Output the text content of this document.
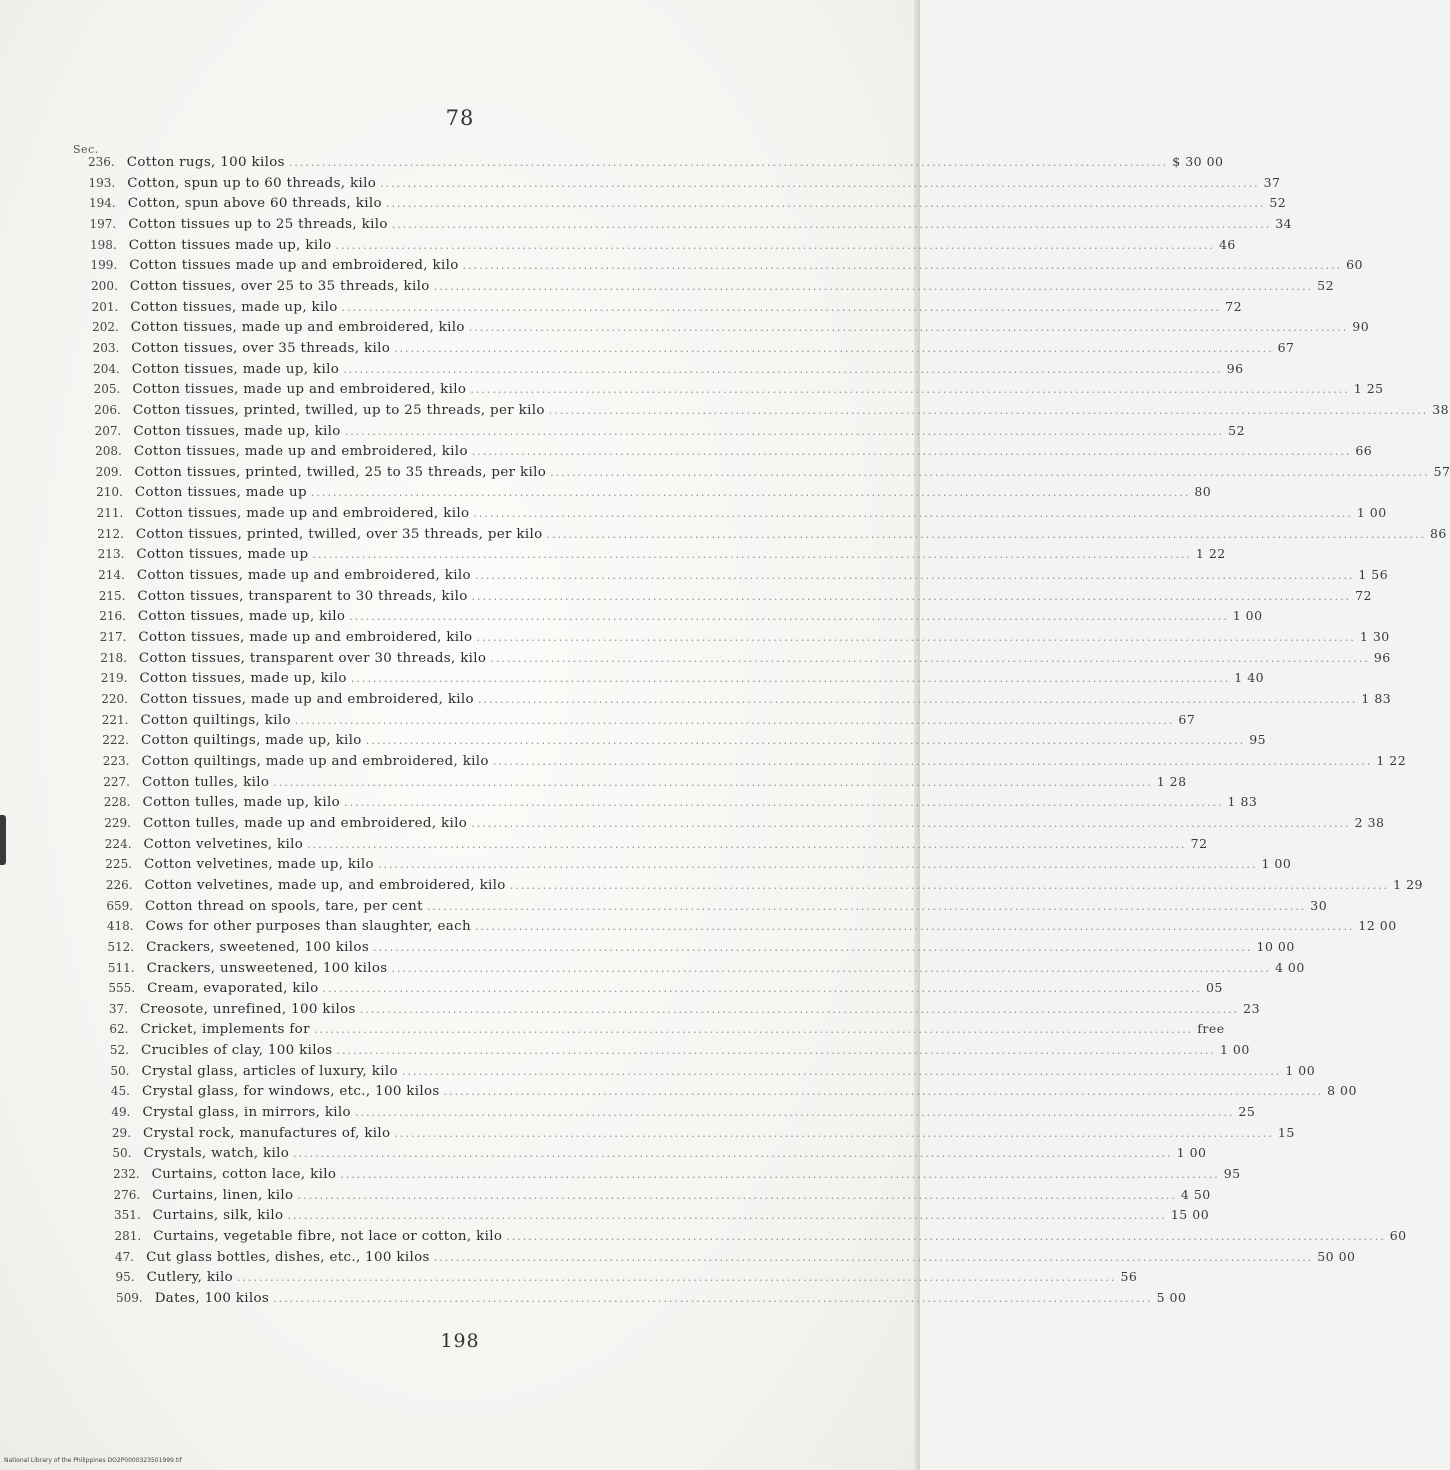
78
Sec.
236. Cotton rugs, 100 kilos ................................................................................................................................................................ $ 30 00
193. Cotton, spun up to 60 threads, kilo ................................................................................................................................................................ 37
194. Cotton, spun above 60 threads, kilo ................................................................................................................................................................ 52
197. Cotton tissues up to 25 threads, kilo ................................................................................................................................................................ 34
198. Cotton tissues made up, kilo ................................................................................................................................................................ 46
199. Cotton tissues made up and embroidered, kilo ................................................................................................................................................................ 60
200. Cotton tissues, over 25 to 35 threads, kilo ................................................................................................................................................................ 52
201. Cotton tissues, made up, kilo ................................................................................................................................................................ 72
202. Cotton tissues, made up and embroidered, kilo ................................................................................................................................................................ 90
203. Cotton tissues, over 35 threads, kilo ................................................................................................................................................................ 67
204. Cotton tissues, made up, kilo ................................................................................................................................................................ 96
205. Cotton tissues, made up and embroidered, kilo ................................................................................................................................................................ 1 25
206. Cotton tissues, printed, twilled, up to 25 threads, per kilo ................................................................................................................................................................ 38
207. Cotton tissues, made up, kilo ................................................................................................................................................................ 52
208. Cotton tissues, made up and embroidered, kilo ................................................................................................................................................................ 66
209. Cotton tissues, printed, twilled, 25 to 35 threads, per kilo ................................................................................................................................................................ 57
210. Cotton tissues, made up ................................................................................................................................................................ 80
211. Cotton tissues, made up and embroidered, kilo ................................................................................................................................................................ 1 00
212. Cotton tissues, printed, twilled, over 35 threads, per kilo ................................................................................................................................................................ 86
213. Cotton tissues, made up ................................................................................................................................................................ 1 22
214. Cotton tissues, made up and embroidered, kilo ................................................................................................................................................................ 1 56
215. Cotton tissues, transparent to 30 threads, kilo ................................................................................................................................................................ 72
216. Cotton tissues, made up, kilo ................................................................................................................................................................ 1 00
217. Cotton tissues, made up and embroidered, kilo ................................................................................................................................................................ 1 30
218. Cotton tissues, transparent over 30 threads, kilo ................................................................................................................................................................ 96
219. Cotton tissues, made up, kilo ................................................................................................................................................................ 1 40
220. Cotton tissues, made up and embroidered, kilo ................................................................................................................................................................ 1 83
221. Cotton quiltings, kilo ................................................................................................................................................................ 67
222. Cotton quiltings, made up, kilo ................................................................................................................................................................ 95
223. Cotton quiltings, made up and embroidered, kilo ................................................................................................................................................................ 1 22
227. Cotton tulles, kilo ................................................................................................................................................................ 1 28
228. Cotton tulles, made up, kilo ................................................................................................................................................................ 1 83
229. Cotton tulles, made up and embroidered, kilo ................................................................................................................................................................ 2 38
224. Cotton velvetines, kilo ................................................................................................................................................................ 72
225. Cotton velvetines, made up, kilo ................................................................................................................................................................ 1 00
226. Cotton velvetines, made up, and embroidered, kilo ................................................................................................................................................................ 1 29
659. Cotton thread on spools, tare, per cent ................................................................................................................................................................ 30
418. Cows for other purposes than slaughter, each ................................................................................................................................................................ 12 00
512. Crackers, sweetened, 100 kilos ................................................................................................................................................................ 10 00
511. Crackers, unsweetened, 100 kilos ................................................................................................................................................................ 4 00
555. Cream, evaporated, kilo ................................................................................................................................................................ 05
37. Creosote, unrefined, 100 kilos ................................................................................................................................................................ 23
62. Cricket, implements for ................................................................................................................................................................ free
52. Crucibles of clay, 100 kilos ................................................................................................................................................................ 1 00
50. Crystal glass, articles of luxury, kilo ................................................................................................................................................................ 1 00
45. Crystal glass, for windows, etc., 100 kilos ................................................................................................................................................................ 8 00
49. Crystal glass, in mirrors, kilo ................................................................................................................................................................ 25
29. Crystal rock, manufactures of, kilo ................................................................................................................................................................ 15
50. Crystals, watch, kilo ................................................................................................................................................................ 1 00
232. Curtains, cotton lace, kilo ................................................................................................................................................................ 95
276. Curtains, linen, kilo ................................................................................................................................................................ 4 50
351. Curtains, silk, kilo ................................................................................................................................................................ 15 00
281. Curtains, vegetable fibre, not lace or cotton, kilo ................................................................................................................................................................ 60
47. Cut glass bottles, dishes, etc., 100 kilos ................................................................................................................................................................ 50 00
95. Cutlery, kilo ................................................................................................................................................................ 56
509. Dates, 100 kilos ................................................................................................................................................................ 5 00
198
National Library of the Philippines DO2P0000323501999.tif
